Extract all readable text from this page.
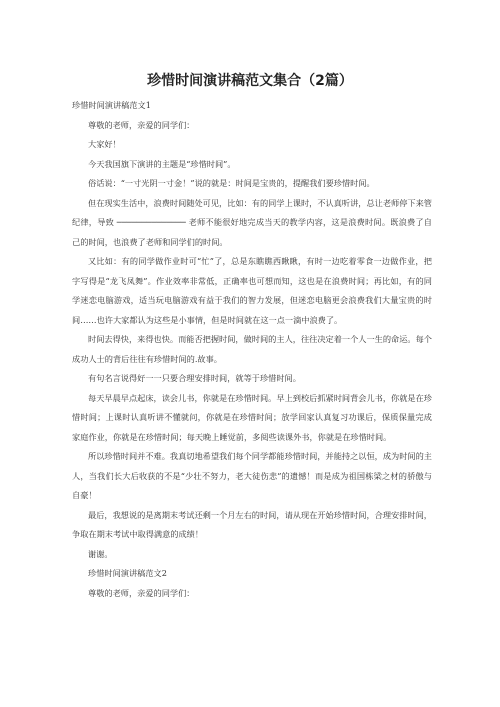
珍惜时间演讲稿范文集合（2篇）

珍惜时间演讲稿范文1

尊敬的老师，亲爱的同学们：

大家好！

今天我国旗下演讲的主题是“珍惜时间”。

俗话说：“一寸光阴一寸金！”说的就是：时间是宝贵的，提醒我们要珍惜时间。

但在现实生活中，浪费时间随处可见，比如：有的同学上课时，不认真听讲，总让老师停下来管纪律，导致 ────────────── 老师不能很好地完成当天的教学内容，这是浪费时间。既浪费了自己的时间，也浪费了老师和同学们的时间。

又比如：有的同学做作业时可“忙”了，总是东瞧瞧西瞅瞅，有时一边吃着零食一边做作业，把字写得是“龙飞凤舞”。作业效率非常低，正确率也可想而知，这也是在浪费时间；再比如，有的同学迷恋电脑游戏，适当玩电脑游戏有益于我们的智力发展，但迷恋电脑更会浪费我们大量宝贵的时间……也许大家都认为这些是小事情，但是时间就在这一点一滴中浪费了。

时间去得快，来得也快。而能否把握时间，做时间的主人，往往决定着一个人一生的命运。每个成功人士的背后往往有珍惜时间的.故事。

有句名言说得好一一只要合理安排时间，就等于珍惜时间。

每天早晨早点起床，读会儿书，你就是在珍惜时间。早上到校后抓紧时间背会儿书，你就是在珍惜时间；上课时认真听讲不懂就问，你就是在珍惜时间；放学回家认真复习功课后，保质保量完成家庭作业，你就是在珍惜时间；每天晚上睡觉前，多阅些读课外书，你就是在珍惜时间。

所以珍惜时间并不难。我真切地希望我们每个同学都能珍惜时间，并能持之以恒，成为时间的主人，当我们长大后收获的不是“少壮不努力，老大徒伤悲”的遗憾！而是成为祖国栋梁之材的骄傲与自豪！

最后，我想说的是离期末考试还剩一个月左右的时间，请从现在开始珍惜时间，合理安排时间，争取在期末考试中取得满意的成绩！

谢谢。

珍惜时间演讲稿范文2

尊敬的老师，亲爱的同学们：
